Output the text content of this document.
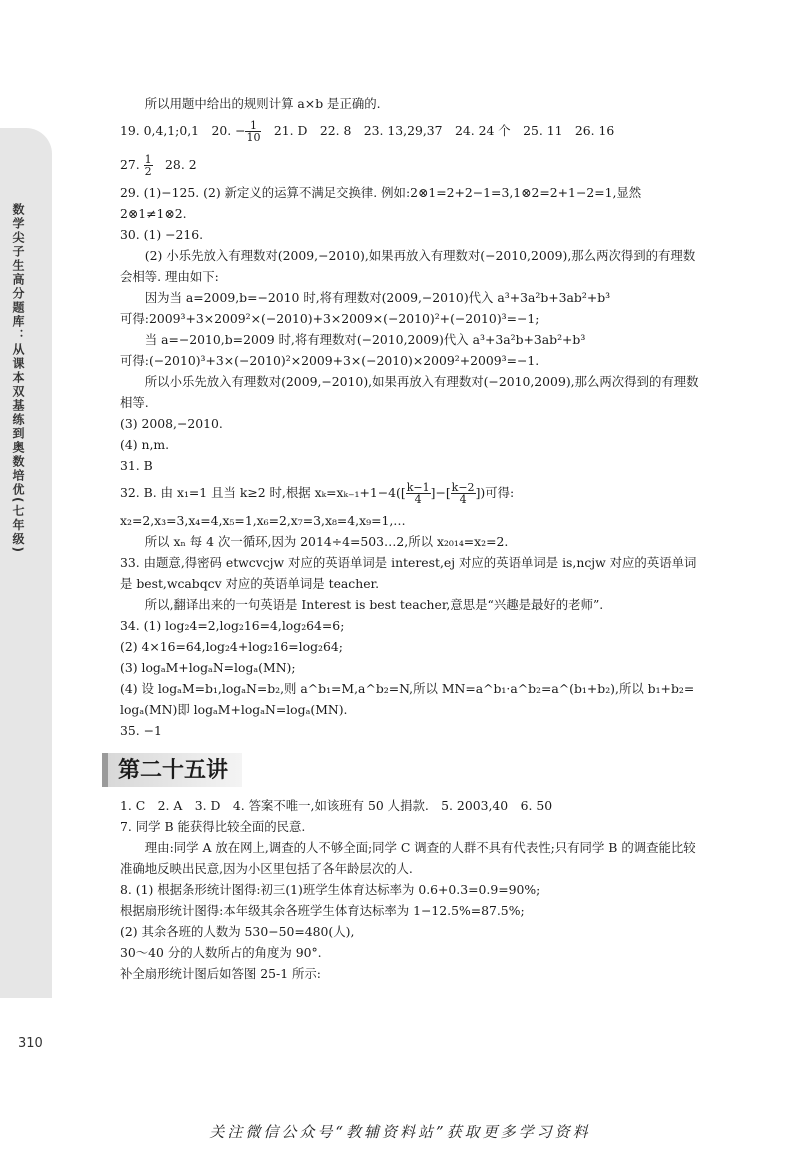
数学尖子生高分题库：从课本双基练到奥数培优(七年级)
所以用题中给出的规则计算 a×b 是正确的.
19. 0,4,1;0,1　20. − $\frac{1}{10}$ 　21. D　22. 8　23. 13,29,37　24. 24 个　25. 11　26. 16
27. $\frac{1}{2}$ 　28. 2
29. (1)−125. (2) 新定义的运算不满足交换律. 例如:2⊗1=2+2−1=3,1⊗2=2+1−2=1,显然
2⊗1≠1⊗2.
30. (1) −216.
(2) 小乐先放入有理数对(2009,−2010),如果再放入有理数对(−2010,2009),那么两次得到的有理数
会相等. 理由如下:
因为当 a=2009,b=−2010 时,将有理数对(2009,−2010)代入 a³+3a²b+3ab²+b³
可得:2009³+3×2009²×(−2010)+3×2009×(−2010)²+(−2010)³=−1;
当 a=−2010,b=2009 时,将有理数对(−2010,2009)代入 a³+3a²b+3ab²+b³
可得:(−2010)³+3×(−2010)²×2009+3×(−2010)×2009²+2009³=−1.
所以小乐先放入有理数对(2009,−2010),如果再放入有理数对(−2010,2009),那么两次得到的有理数
相等.
(3) 2008,−2010.
(4) n,m.
31. B
32. B. 由 x₁=1 且当 k≥2 时,根据 $x_k=x_{k-1}+1-4([ \frac{k-1}{4}$ ]−[ $\frac{k-2}{4}$ ])可得:
x₂=2,x₃=3,x₄=4,x₅=1,x₆=2,x₇=3,x₈=4,x₉=1,…
所以 xₙ 每 4 次一循环,因为 2014÷4=503…2,所以 x₂₀₁₄=x₂=2.
33. 由题意,得密码 etwcvcjw 对应的英语单词是 interest,ej 对应的英语单词是 is,ncjw 对应的英语单词
是 best,wcabqcv 对应的英语单词是 teacher.
所以,翻译出来的一句英语是 Interest is best teacher,意思是“兴趣是最好的老师”.
34. (1) log₂4=2,log₂16=4,log₂64=6;
(2) 4×16=64,log₂4+log₂16=log₂64;
(3) logₐM+logₐN=logₐ(MN);
(4) 设 logₐM=b₁,logₐN=b₂,则 a^b₁=M,a^b₂=N,所以 MN=a^b₁·a^b₂=a^(b₁+b₂),所以 b₁+b₂=
logₐ(MN)即 logₐM+logₐN=logₐ(MN).
35. −1
第二十五讲
1. C　2. A　3. D　4. 答案不唯一,如该班有 50 人捐款.　5. 2003,40　6. 50
7. 同学 B 能获得比较全面的民意.
理由:同学 A 放在网上,调查的人不够全面;同学 C 调查的人群不具有代表性;只有同学 B 的调查能比较
准确地反映出民意,因为小区里包括了各年龄层次的人.
8. (1) 根据条形统计图得:初三(1)班学生体育达标率为 0.6+0.3=0.9=90%;
根据扇形统计图得:本年级其余各班学生体育达标率为 1−12.5%=87.5%;
(2) 其余各班的人数为 530−50=480(人),
30～40 分的人数所占的角度为 90°.
补全扇形统计图后如答图 25-1 所示:
310
关注微信公众号“教辅资料站”获取更多学习资料
